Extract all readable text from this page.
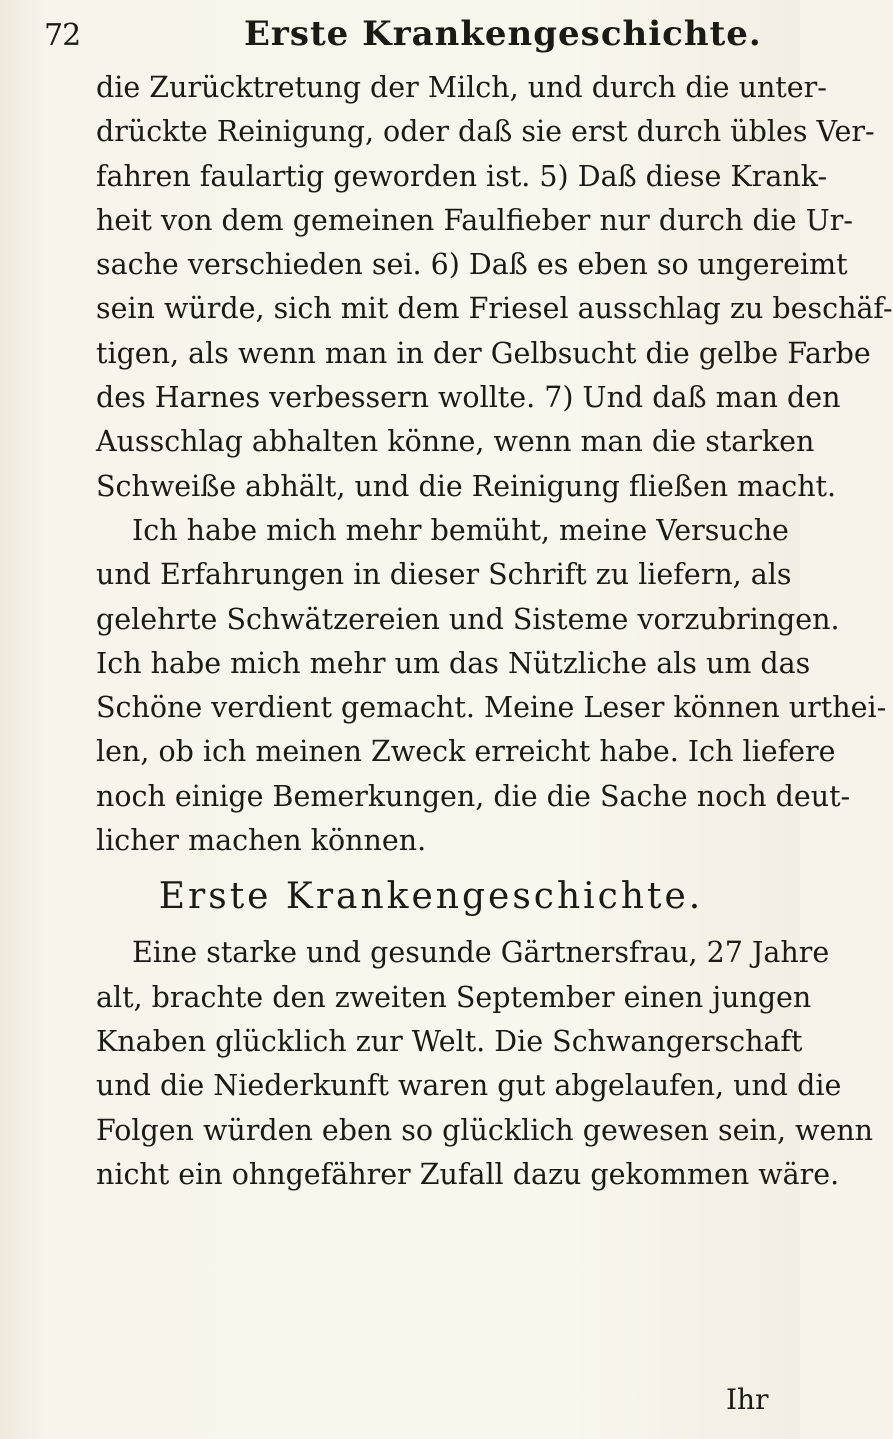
72	Erste Krankengeschichte.
die Zurücktretung der Milch, und durch die unter-
drückte Reinigung, oder daß sie erst durch übles Ver-
fahren faulartig geworden ist. 5) Daß diese Krank-
heit von dem gemeinen Faulfieber nur durch die Ur-
sache verschieden sei. 6) Daß es eben so ungereimt
sein würde, sich mit dem Friesel ausschlag zu beschäf-
tigen, als wenn man in der Gelbsucht die gelbe Farbe
des Harnes verbessern wollte. 7) Und daß man den
Ausschlag abhalten könne, wenn man die starken
Schweiße abhält, und die Reinigung fließen macht.
Ich habe mich mehr bemüht, meine Versuche
und Erfahrungen in dieser Schrift zu liefern, als
gelehrte Schwätzereien und Sisteme vorzubringen.
Ich habe mich mehr um das Nützliche als um das
Schöne verdient gemacht. Meine Leser können urthei-
len, ob ich meinen Zweck erreicht habe. Ich liefere
noch einige Bemerkungen, die die Sache noch deut-
licher machen können.
Erste Krankengeschichte.
Eine starke und gesunde Gärtnersfrau, 27 Jahre
alt, brachte den zweiten September einen jungen
Knaben glücklich zur Welt. Die Schwangerschaft
und die Niederkunft waren gut abgelaufen, und die
Folgen würden eben so glücklich gewesen sein, wenn
nicht ein ohngefährer Zufall dazu gekommen wäre.
Ihr
